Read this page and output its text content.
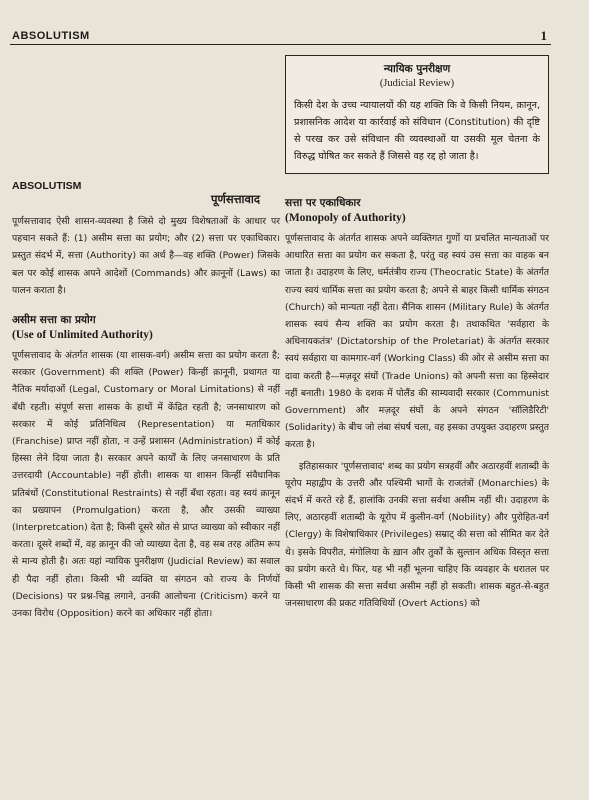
ABSOLUTISM	1

ABSOLUTISM

पूर्णसत्तावाद

पूर्णसत्तावाद ऐसी शासन-व्यवस्था है जिसे दो मुख्य विशेषताओं के आधार पर पहचान सकते हैं: (1) असीम सत्ता का प्रयोग; और (2) सत्ता पर एकाधिकार। प्रस्तुत संदर्भ में, सत्ता (Authority) का अर्थ है—वह शक्ति (Power) जिसके बल पर कोई शासक अपने आदेशों (Commands) और क़ानूनों (Laws) का पालन कराता है।

असीम सत्ता का प्रयोग

(Use of Unlimited Authority)

पूर्णसत्तावाद के अंतर्गत शासक (या शासक-वर्ग) असीम सत्ता का प्रयोग करता है; सरकार (Government) की शक्ति (Power) किन्हीं क़ानूनी, प्रथागत या नैतिक मर्यादाओं (Legal, Customary or Moral Limitations) से नहीं बँधी रहती। संपूर्ण सत्ता शासक के हाथों में केंद्रित रहती है; जनसाधारण को सरकार में कोई प्रतिनिधित्व (Representation) या मताधिकार (Franchise) प्राप्त नहीं होता, न उन्हें प्रशासन (Administration) में कोई हिस्सा लेने दिया जाता है। सरकार अपने कार्यों के लिए जनसाधारण के प्रति उत्तरदायी (Accountable) नहीं होती। शासक या शासन किन्हीं संवैधानिक प्रतिबंधों (Constitutional Restraints) से नहीं बँधा रहता। वह स्वयं क़ानून का प्रख्यापन (Promulgation) करता है, और उसकी व्याख्या (Interpretcation) देता है; किसी दूसरे स्रोत से प्राप्त व्याख्या को स्वीकार नहीं करता। दूसरे शब्दों में, वह क़ानून की जो व्याख्या देता है, वह सब तरह अंतिम रूप से मान्य होती है। अतः यहां न्यायिक पुनरीक्षण (Judicial Review) का सवाल ही पैदा नहीं होता। किसी भी व्यक्ति या संगठन को राज्य के निर्णयों (Decisions) पर प्रश्न-चिह्न लगाने, उनकी आलोचना (Criticism) करने या उनका विरोध (Opposition) करने का अधिकार नहीं होता।

न्यायिक पुनरीक्षण

(Judicial Review)

किसी देश के उच्च न्यायालयों की यह शक्ति कि वे किसी नियम, क़ानून, प्रशासनिक आदेश या कार्रवाई को संविधान (Constitution) की दृष्टि से परख कर उसे संविधान की व्यवस्थाओं या उसकी मूल चेतना के विरुद्ध घोषित कर सकते हैं जिससे वह रद्द हो जाता है।

सत्ता पर एकाधिकार

(Monopoly of Authority)

पूर्णसत्तावाद के अंतर्गत शासक अपने व्यक्तिगत गुणों या प्रचलित मान्यताओं पर आधारित सत्ता का प्रयोग कर सकता है, परंतु वह स्वयं उस सत्ता का वाहक बन जाता है। उदाहरण के लिए, धर्मतंत्रीय राज्य (Theocratic State) के अंतर्गत राज्य स्वयं धार्मिक सत्ता का प्रयोग करता है; अपने से बाहर किसी धार्मिक संगठन (Church) को मान्यता नहीं देता। सैनिक शासन (Military Rule) के अंतर्गत शासक स्वयं सैन्य शक्ति का प्रयोग करता है। तथाकथित 'सर्वहारा के अधिनायकतंत्र' (Dictatorship of the Proletariat) के अंतर्गत सरकार स्वयं सर्वहारा या कामगार-वर्ग (Working Class) की ओर से असीम सत्ता का दावा करती है—मज़दूर संघों (Trade Unions) को अपनी सत्ता का हिस्सेदार नहीं बनाती। 1980 के दशक में पोलैंड की साम्यवादी सरकार (Communist Government) और मज़दूर संघों के अपने संगठन 'सॉलिडैरिटी' (Solidarity) के बीच जो लंबा संघर्ष चला, वह इसका उपयुक्त उदाहरण प्रस्तुत करता है।

इतिहासकार 'पूर्णसत्तावाद' शब्द का प्रयोग सत्रहवीं और अठारहवीं शताब्दी के यूरोप महाद्वीप के उत्तरी और पश्चिमी भागों के राजतंत्रों (Monarchies) के संदर्भ में करते रहे हैं, हालांकि उनकी सत्ता सर्वथा असीम नहीं थी। उदाहरण के लिए, अठारहवीं शताब्दी के यूरोप में कुलीन-वर्ग (Nobility) और पुरोहित-वर्ग (Clergy) के विशेषाधिकार (Privileges) सम्राट् की सत्ता को सीमित कर देते थे। इसके विपरीत, मंगोलिया के ख़ान और तुर्कों के सुल्तान अधिक विस्तृत सत्ता का प्रयोग करते थे। फिर, यह भी नहीं भूलना चाहिए कि व्यवहार के धरातल पर किसी भी शासक की सत्ता सर्वथा असीम नहीं हो सकती। शासक बहुत-से-बहुत जनसाधारण की प्रकट गतिविधियों (Overt Actions) को
